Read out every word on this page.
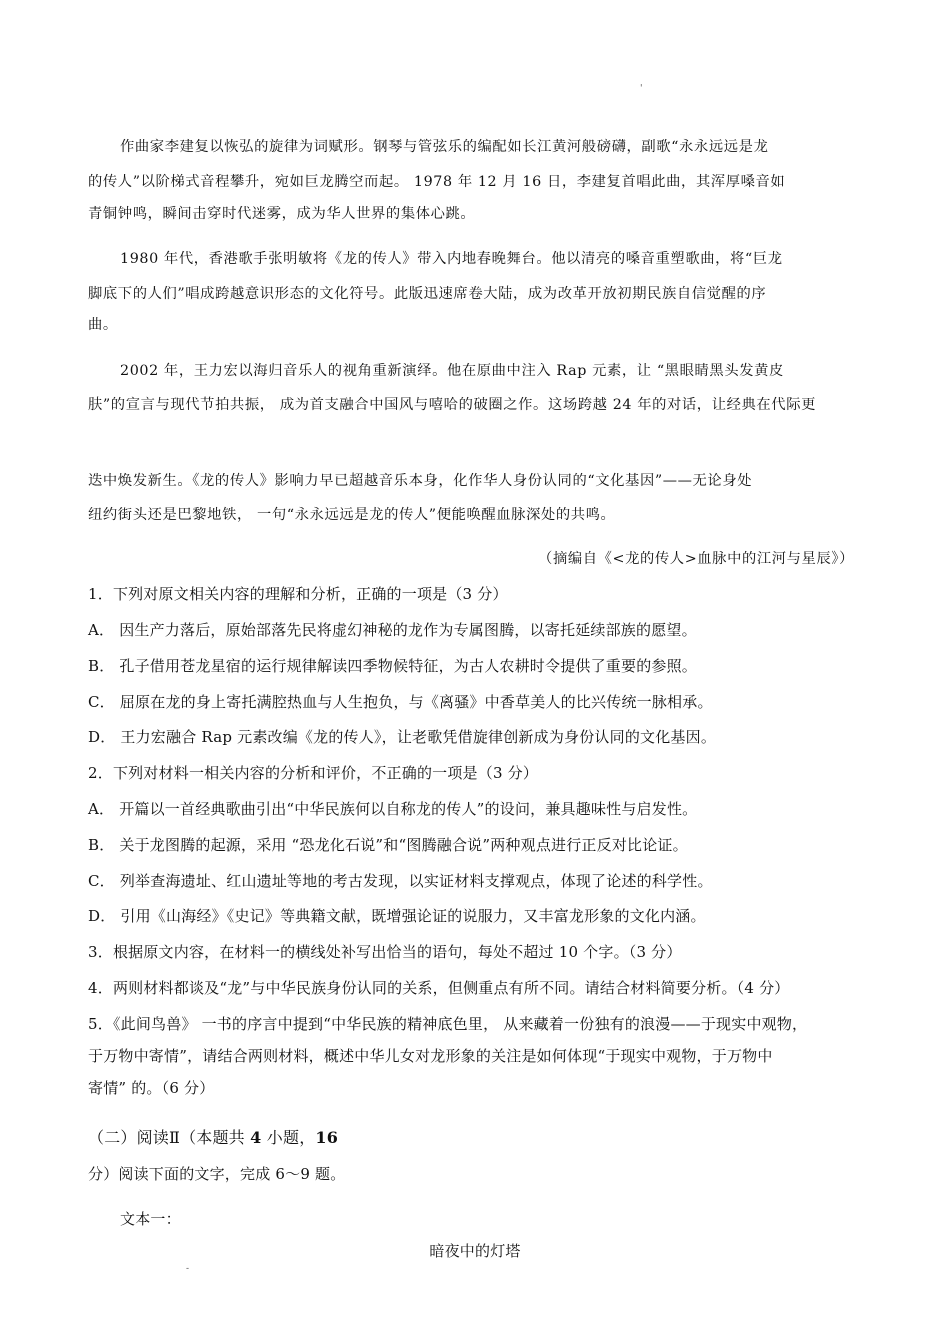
'
作曲家李建复以恢弘的旋律为词赋形。钢琴与管弦乐的编配如长江黄河般磅礴，副歌“永永远远是龙
的传人”以阶梯式音程攀升，宛如巨龙腾空而起。 1978 年 12 月 16 日，李建复首唱此曲，其浑厚嗓音如
青铜钟鸣，瞬间击穿时代迷雾，成为华人世界的集体心跳。
1980 年代，香港歌手张明敏将《龙的传人》带入内地春晚舞台。他以清亮的嗓音重塑歌曲，将“巨龙
脚底下的人们”唱成跨越意识形态的文化符号。此版迅速席卷大陆，成为改革开放初期民族自信觉醒的序
曲。
2002 年，王力宏以海归音乐人的视角重新演绎。他在原曲中注入 Rap 元素，让 “黑眼睛黑头发黄皮
肤”的宣言与现代节拍共振， 成为首支融合中国风与嘻哈的破圈之作。这场跨越 24 年的对话，让经典在代际更
迭中焕发新生。《龙的传人》影响力早已超越音乐本身，化作华人身份认同的“文化基因”——无论身处
纽约街头还是巴黎地铁， 一句“永永远远是龙的传人”便能唤醒血脉深处的共鸣。
（摘编自《<龙的传人>血脉中的江河与星辰》）
1．下列对原文相关内容的理解和分析，正确的一项是（3 分）
A． 因生产力落后，原始部落先民将虚幻神秘的龙作为专属图腾，以寄托延续部族的愿望。
B． 孔子借用苍龙星宿的运行规律解读四季物候特征，为古人农耕时令提供了重要的参照。
C． 屈原在龙的身上寄托满腔热血与人生抱负，与《离骚》中香草美人的比兴传统一脉相承。
D． 王力宏融合 Rap 元素改编《龙的传人》，让老歌凭借旋律创新成为身份认同的文化基因。
2．下列对材料一相关内容的分析和评价，不正确的一项是（3 分）
A． 开篇以一首经典歌曲引出“中华民族何以自称龙的传人”的设问，兼具趣味性与启发性。
B． 关于龙图腾的起源，采用 “恐龙化石说”和“图腾融合说”两种观点进行正反对比论证。
C． 列举查海遗址、红山遗址等地的考古发现，以实证材料支撑观点，体现了论述的科学性。
D． 引用《山海经》《史记》等典籍文献，既增强论证的说服力，又丰富龙形象的文化内涵。
3．根据原文内容，在材料一的横线处补写出恰当的语句，每处不超过 10 个字。（3 分）
4．两则材料都谈及“龙”与中华民族身份认同的关系，但侧重点有所不同。请结合材料简要分析。（4 分）
5．《此间鸟兽》 一书的序言中提到“中华民族的精神底色里， 从来藏着一份独有的浪漫——于现实中观物，
于万物中寄情”，请结合两则材料，概述中华儿女对龙形象的关注是如何体现“于现实中观物，于万物中
寄情” 的。（6 分）
（二）阅读Ⅱ（本题共 4 小题，16
分）阅读下面的文字，完成 6～9 题。
文本一：
暗夜中的灯塔
-
